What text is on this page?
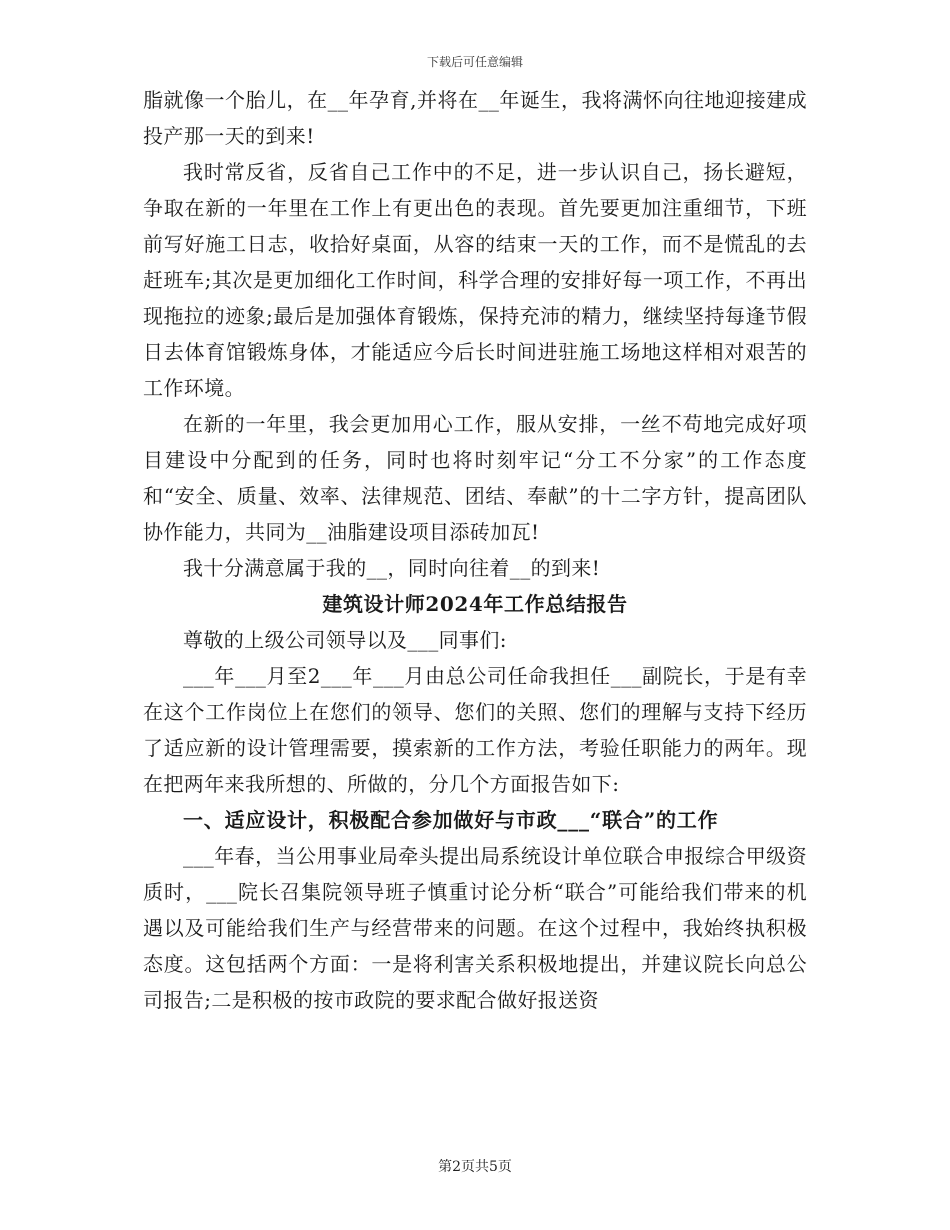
下载后可任意编辑

脂就像一个胎儿，在__年孕育,并将在__年诞生，我将满怀向往地迎接建成投产那一天的到来!

我时常反省，反省自己工作中的不足，进一步认识自己，扬长避短，争取在新的一年里在工作上有更出色的表现。首先要更加注重细节，下班前写好施工日志，收拾好桌面，从容的结束一天的工作，而不是慌乱的去赶班车;其次是更加细化工作时间，科学合理的安排好每一项工作，不再出现拖拉的迹象;最后是加强体育锻炼，保持充沛的精力，继续坚持每逢节假日去体育馆锻炼身体，才能适应今后长时间进驻施工场地这样相对艰苦的工作环境。

在新的一年里，我会更加用心工作，服从安排，一丝不苟地完成好项目建设中分配到的任务，同时也将时刻牢记“分工不分家”的工作态度和“安全、质量、效率、法律规范、团结、奉献”的十二字方针，提高团队协作能力，共同为__油脂建设项目添砖加瓦!

我十分满意属于我的__，同时向往着__的到来!

建筑设计师2024年工作总结报告

尊敬的上级公司领导以及___同事们:

___年___月至2___年___月由总公司任命我担任___副院长，于是有幸在这个工作岗位上在您们的领导、您们的关照、您们的理解与支持下经历了适应新的设计管理需要，摸索新的工作方法，考验任职能力的两年。现在把两年来我所想的、所做的，分几个方面报告如下:

一、适应设计，积极配合参加做好与市政___“联合”的工作

___年春，当公用事业局牵头提出局系统设计单位联合申报综合甲级资质时，___院长召集院领导班子慎重讨论分析“联合”可能给我们带来的机遇以及可能给我们生产与经营带来的问题。在这个过程中，我始终执积极态度。这包括两个方面：一是将利害关系积极地提出，并建议院长向总公司报告;二是积极的按市政院的要求配合做好报送资

第2页共5页
